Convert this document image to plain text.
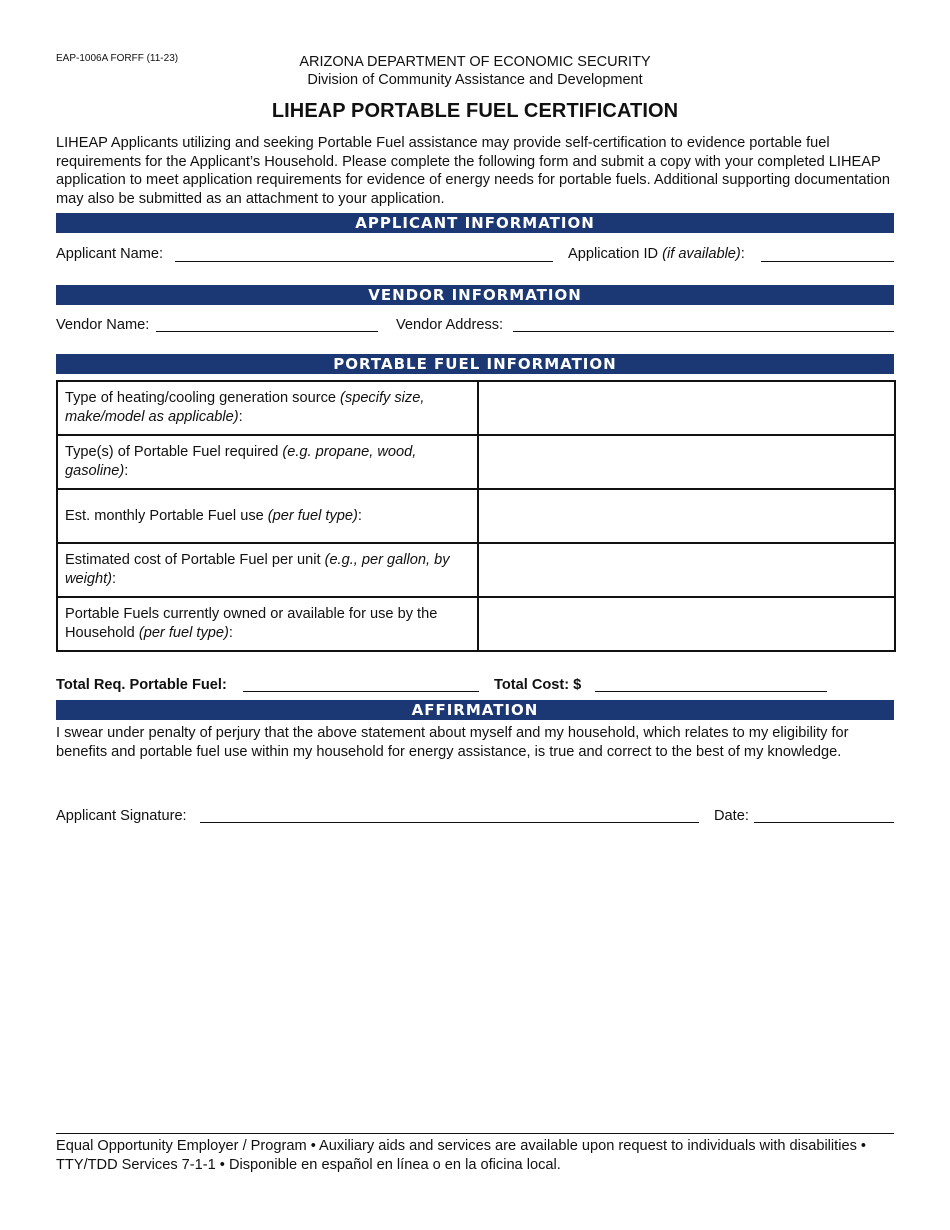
EAP-1006A FORFF (11-23)	ARIZONA DEPARTMENT OF ECONOMIC SECURITY
Division of Community Assistance and Development
LIHEAP PORTABLE FUEL CERTIFICATION
LIHEAP Applicants utilizing and seeking Portable Fuel assistance may provide self-certification to evidence portable fuel requirements for the Applicant’s Household. Please complete the following form and submit a copy with your completed LIHEAP application to meet application requirements for evidence of energy needs for portable fuels. Additional supporting documentation may also be submitted as an attachment to your application.
APPLICANT INFORMATION
Applicant Name:	Application ID (if available):
VENDOR INFORMATION
Vendor Name:	Vendor Address:
PORTABLE FUEL INFORMATION
Type of heating/cooling generation source (specify size, make/model as applicable):	
Type(s) of Portable Fuel required (e.g. propane, wood, gasoline):	
Est. monthly Portable Fuel use (per fuel type):	
Estimated cost of Portable Fuel per unit (e.g., per gallon, by weight):	
Portable Fuels currently owned or available for use by the Household (per fuel type):	
Total Req. Portable Fuel:	Total Cost: $
AFFIRMATION
I swear under penalty of perjury that the above statement about myself and my household, which relates to my eligibility for benefits and portable fuel use within my household for energy assistance, is true and correct to the best of my knowledge.
Applicant Signature:	Date:
Equal Opportunity Employer / Program • Auxiliary aids and services are available upon request to individuals with disabilities • TTY/TDD Services 7-1-1 • Disponible en español en línea o en la oficina local.
